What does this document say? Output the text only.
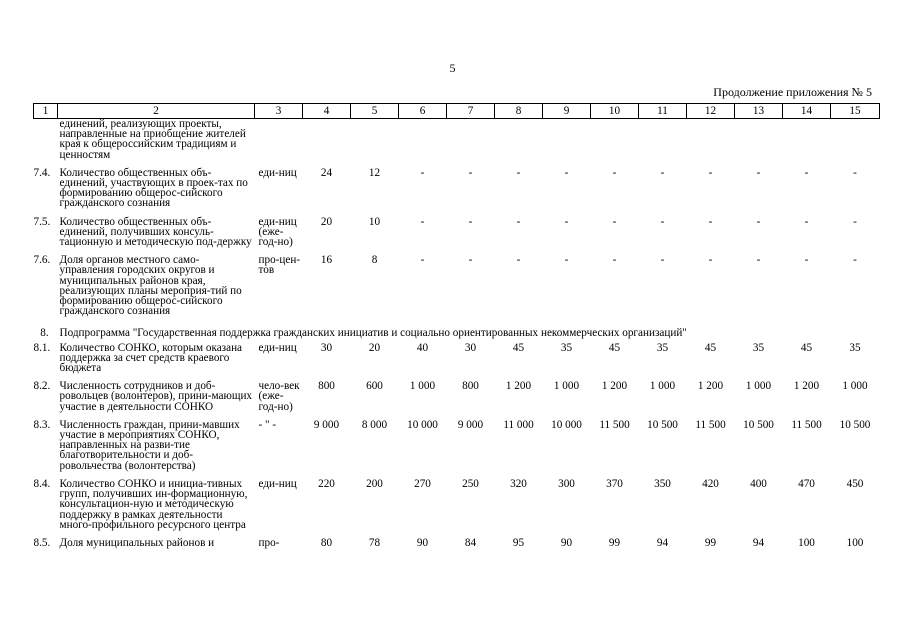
5
Продолжение приложения № 5
1	2	3	4	5	6	7	8	9	10	11	12	13	14	15
	единений, реализующих проекты, направленные на приобщение жителей края к общероссийским традициям и ценностям													
7.4.	Количество общественных объ-единений, участвующих в проек-тах по формированию общерос-сийского гражданского сознания	еди-ниц	24	12	-	-	-	-	-	-	-	-	-	-
7.5.	Количество общественных объ-единений, получивших консуль-тационную и методическую под-держку	еди-ниц (еже-год-но)	20	10	-	-	-	-	-	-	-	-	-	-
7.6.	Доля органов местного само-управления городских округов и муниципальных районов края, реализующих планы мероприя-тий по формированию общерос-сийского гражданского сознания	про-цен-тов	16	8	-	-	-	-	-	-	-	-	-	-
8.	Подпрограмма "Государственная поддержка гражданских инициатив и социально ориентированных некоммерческих организаций"													
8.1.	Количество СОНКО, которым оказана поддержка за счет средств краевого бюджета	еди-ниц	30	20	40	30	45	35	45	35	45	35	45	35
8.2.	Численность сотрудников и доб-ровольцев (волонтеров), прини-мающих участие в деятельности СОНКО	чело-век (еже-год-но)	800	600	1 000	800	1 200	1 000	1 200	1 000	1 200	1 000	1 200	1 000
8.3.	Численность граждан, прини-мавших участие в мероприятиях СОНКО, направленных на разви-тие благотворительности и доб-ровольчества (волонтерства)	- " -	9 000	8 000	10 000	9 000	11 000	10 000	11 500	10 500	11 500	10 500	11 500	10 500
8.4.	Количество СОНКО и инициа-тивных групп, получивших ин-формационную, консультацион-ную и методическую поддержку в рамках деятельности много-профильного ресурсного центра	еди-ниц	220	200	270	250	320	300	370	350	420	400	470	450
8.5.	Доля муниципальных районов и	про-	80	78	90	84	95	90	99	94	99	94	100	100
